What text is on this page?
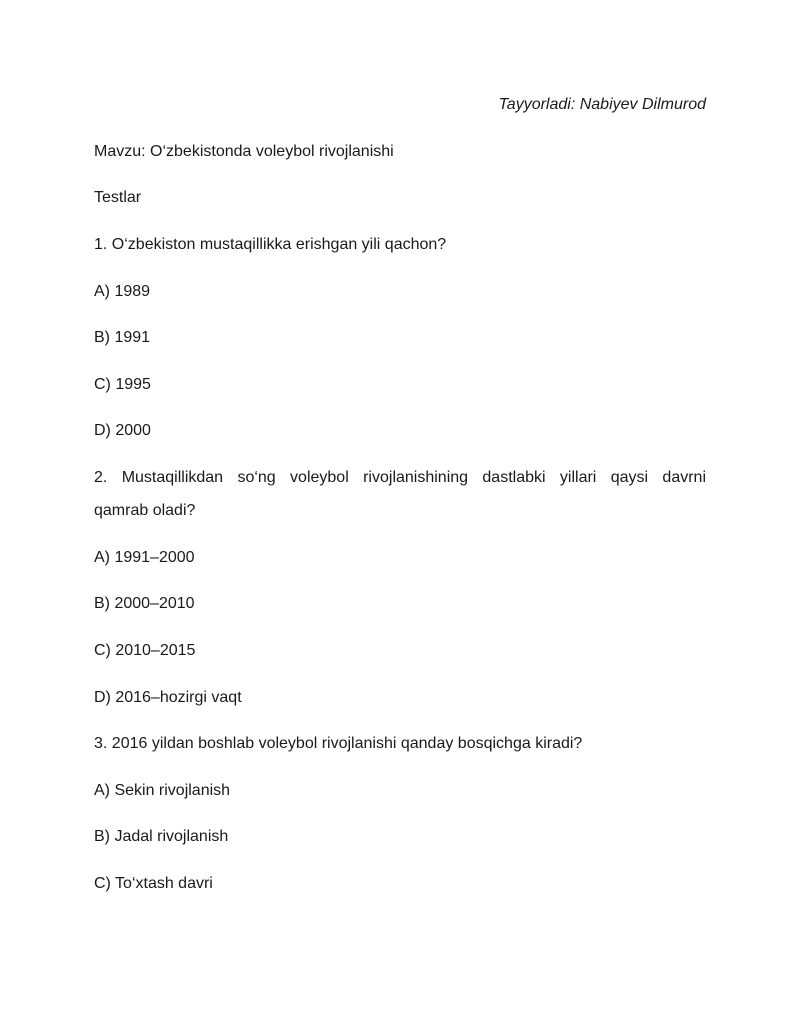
Tayyorladi: Nabiyev Dilmurod
Mavzu: O‘zbekistonda voleybol rivojlanishi
Testlar
1. O‘zbekiston mustaqillikka erishgan yili qachon?
A) 1989
B) 1991
C) 1995
D) 2000
2. Mustaqillikdan so‘ng voleybol rivojlanishining dastlabki yillari qaysi davrni
qamrab oladi?
A) 1991–2000
B) 2000–2010
C) 2010–2015
D) 2016–hozirgi vaqt
3. 2016 yildan boshlab voleybol rivojlanishi qanday bosqichga kiradi?
A) Sekin rivojlanish
B) Jadal rivojlanish
C) To‘xtash davri
